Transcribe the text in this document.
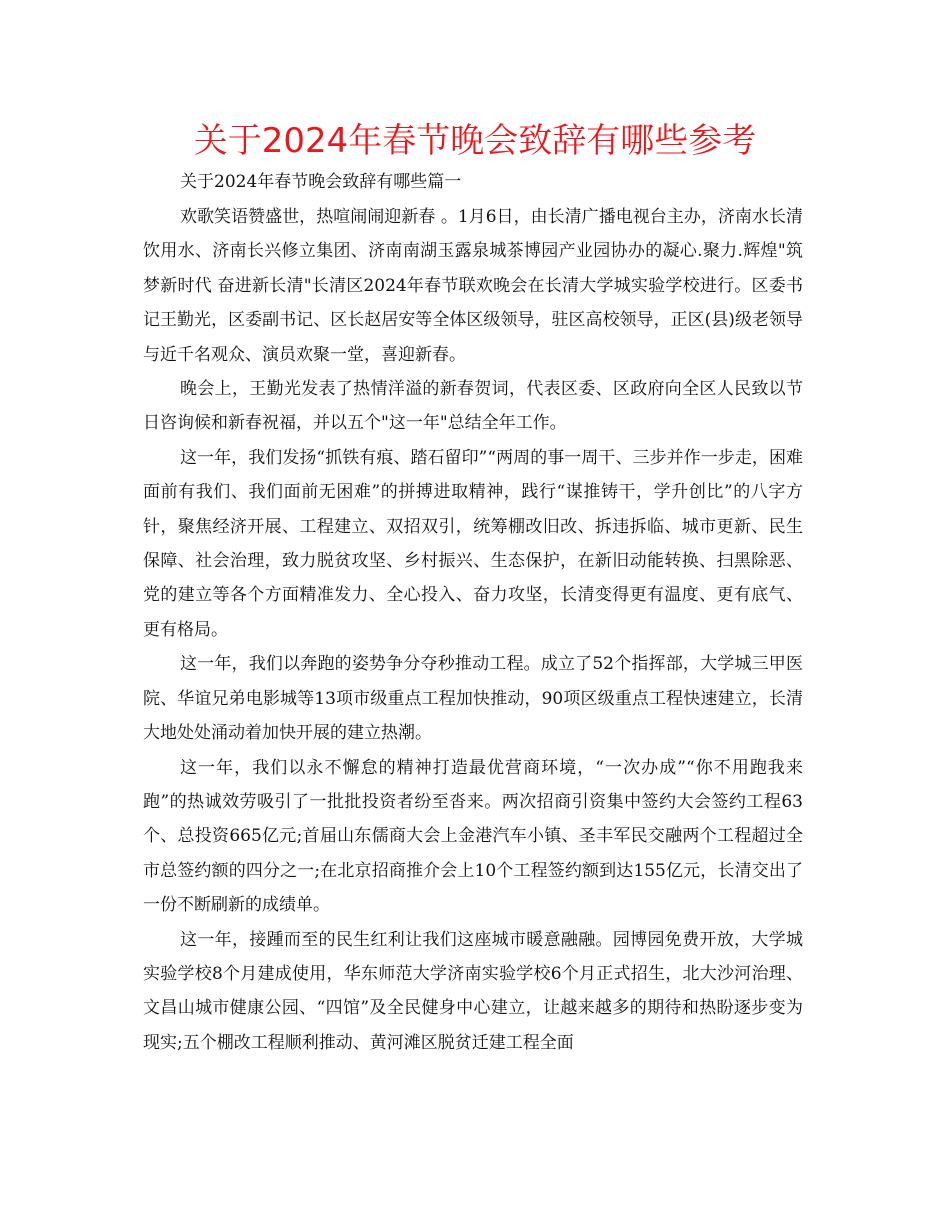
关于2024年春节晚会致辞有哪些参考
关于2024年春节晚会致辞有哪些篇一

欢歌笑语赞盛世，热喧闹闹迎新春 。1月6日，由长清广播电视台主办，济南水长清饮用水、济南长兴修立集团、济南南湖玉露泉城茶博园产业园协办的凝心.聚力.辉煌"筑梦新时代 奋进新长清"长清区2024年春节联欢晚会在长清大学城实验学校进行。区委书记王勤光，区委副书记、区长赵居安等全体区级领导，驻区高校领导，正区(县)级老领导与近千名观众、演员欢聚一堂，喜迎新春。

晚会上，王勤光发表了热情洋溢的新春贺词，代表区委、区政府向全区人民致以节日咨询候和新春祝福，并以五个"这一年"总结全年工作。

这一年，我们发扬“抓铁有痕、踏石留印”“两周的事一周干、三步并作一步走，困难面前有我们、我们面前无困难”的拼搏进取精神，践行“谋推铸干，学升创比”的八字方针，聚焦经济开展、工程建立、双招双引，统筹棚改旧改、拆违拆临、城市更新、民生保障、社会治理，致力脱贫攻坚、乡村振兴、生态保护，在新旧动能转换、扫黑除恶、党的建立等各个方面精准发力、全心投入、奋力攻坚，长清变得更有温度、更有底气、更有格局。

这一年，我们以奔跑的姿势争分夺秒推动工程。成立了52个指挥部，大学城三甲医院、华谊兄弟电影城等13项市级重点工程加快推动，90项区级重点工程快速建立，长清大地处处涌动着加快开展的建立热潮。

这一年，我们以永不懈怠的精神打造最优营商环境，“一次办成”“你不用跑我来跑”的热诚效劳吸引了一批批投资者纷至沓来。两次招商引资集中签约大会签约工程63个、总投资665亿元;首届山东儒商大会上金港汽车小镇、圣丰军民交融两个工程超过全市总签约额的四分之一;在北京招商推介会上10个工程签约额到达155亿元，长清交出了一份不断刷新的成绩单。

这一年，接踵而至的民生红利让我们这座城市暖意融融。园博园免费开放，大学城实验学校8个月建成使用，华东师范大学济南实验学校6个月正式招生，北大沙河治理、文昌山城市健康公园、“四馆”及全民健身中心建立，让越来越多的期待和热盼逐步变为现实;五个棚改工程顺利推动、黄河滩区脱贫迁建工程全面
